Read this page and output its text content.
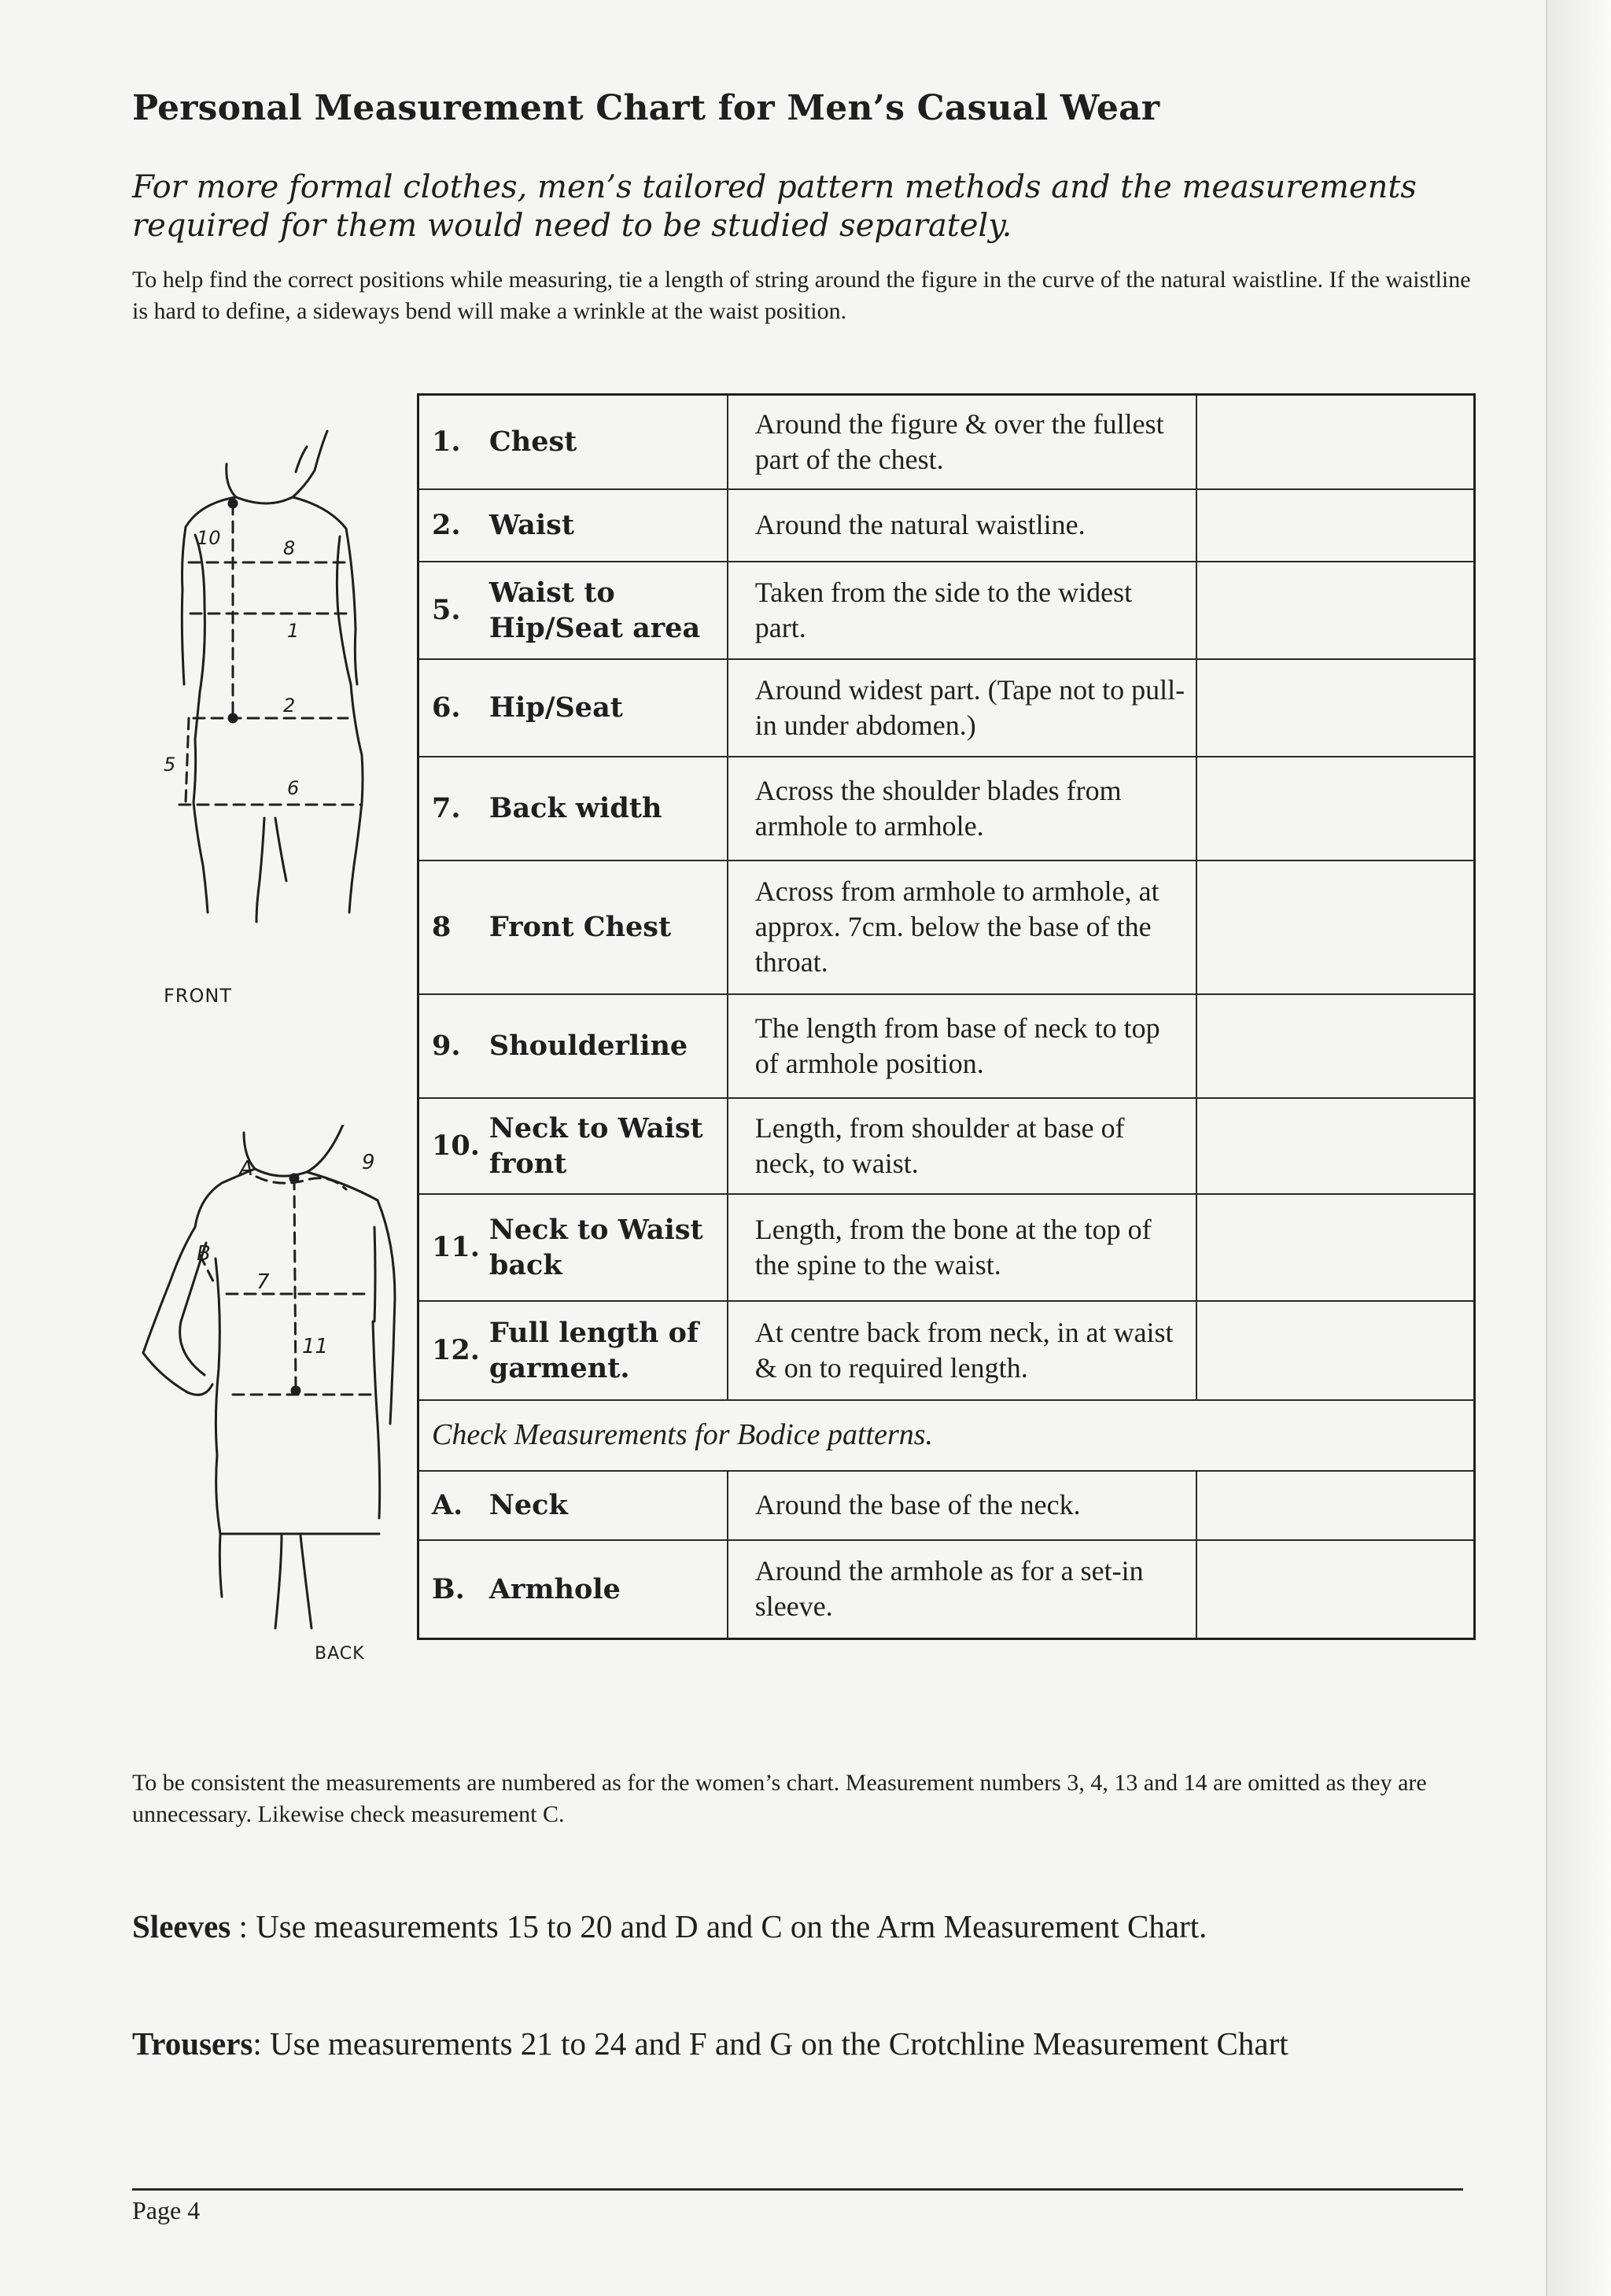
Personal Measurement Chart for Men’s Casual Wear
For more formal clothes, men’s tailored pattern methods and the measurements required for them would need to be studied separately.
To help find the correct positions while measuring, tie a length of string around the figure in the curve of the natural waistline. If the waistline is hard to define, a sideways bend will make a wrinkle at the waist position.
10	8
1
2
5
6
FRONT
A	9
B
7
11
BACK
1.	Chest	Around the figure & over the fullest part of the chest.	
2.	Waist	Around the natural waistline.	
5.	Waist to Hip/Seat area	Taken from the side to the widest part.	
6.	Hip/Seat	Around widest part. (Tape not to pull-in under abdomen.)	
7.	Back width	Across the shoulder blades from armhole to armhole.	
8	Front Chest	Across from armhole to armhole, at approx. 7cm. below the base of the throat.	
9.	Shoulderline	The length from base of neck to top of armhole position.	
10.	Neck to Waist front	Length, from shoulder at base of neck, to waist.	
11.	Neck to Waist back	Length, from the bone at the top of the spine to the waist.	
12.	Full length of garment.	At centre back from neck, in at waist & on to required length.	
Check Measurements for Bodice patterns.			
A.	Neck	Around the base of the neck.	
B.	Armhole	Around the armhole as for a set-in sleeve.	
To be consistent the measurements are numbered as for the women’s chart. Measurement numbers 3, 4, 13 and 14 are omitted as they are unnecessary. Likewise check measurement C.
Sleeves : Use measurements 15 to 20 and D and C on the Arm Measurement Chart.
Trousers: Use measurements 21 to 24 and F and G on the Crotchline Measurement Chart
Page 4
